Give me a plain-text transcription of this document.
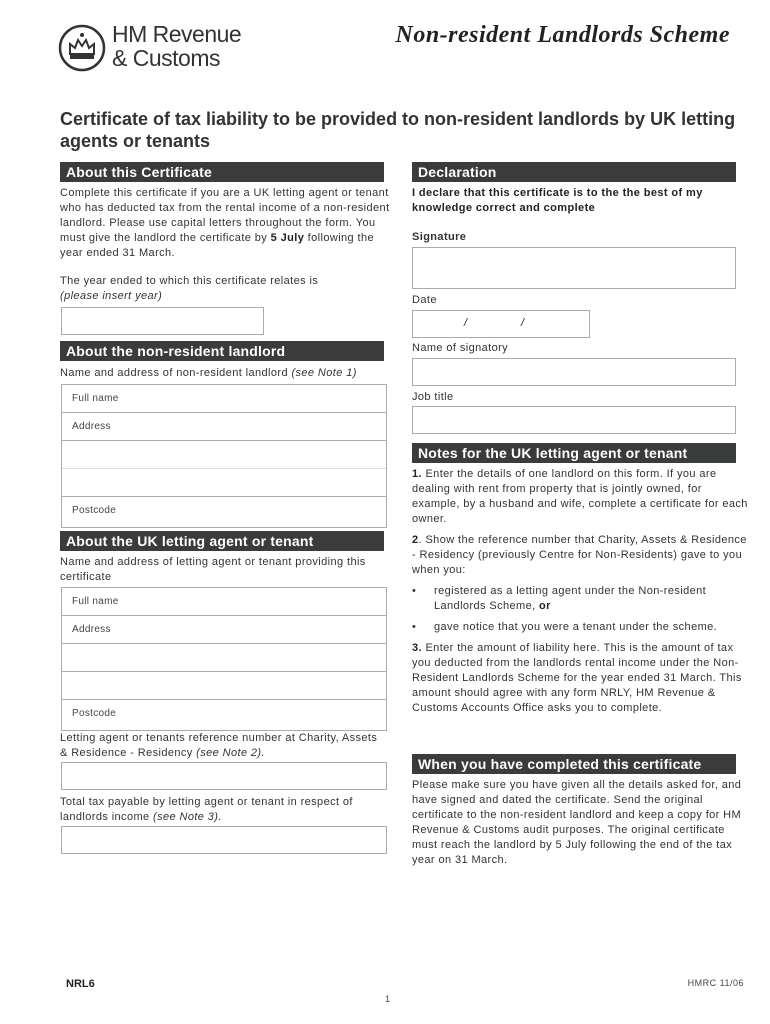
HM Revenue
& Customs
Non-resident Landlords Scheme
Certificate of tax liability to be provided to non-resident landlords by UK letting agents or tenants
About this Certificate
Complete this certificate if you are a UK letting agent or tenant who has deducted tax from the rental income of a non-resident landlord. Please use capital letters throughout the form. You must give the landlord the certificate by 5 July following the year ended 31 March.
The year ended to which this certificate relates is
(please insert year)
About the non-resident landlord
Name and address of non-resident landlord (see Note 1)
Full name
Address
Postcode
About the UK letting agent or tenant
Name and address of letting agent or tenant providing this certificate
Full name
Address
Postcode
Letting agent or tenants reference number at Charity, Assets & Residence - Residency (see Note 2).
Total tax payable by letting agent or tenant in respect of landlords income (see Note 3).
Declaration
I declare that this certificate is to the the best of my knowledge correct and complete
Signature
Date
/	/
Name of signatory
Job title
Notes for the UK letting agent or tenant

1. Enter the details of one landlord on this form. If you are dealing with rent from property that is jointly owned, for example, by a husband and wife, complete a certificate for each owner.

2. Show the reference number that Charity, Assets & Residence - Residency (previously Centre for Non-Residents) gave to you when you:

•	registered as a letting agent under the Non-resident Landlords Scheme, or
•	gave notice that you were a tenant under the scheme.

3. Enter the amount of liability here. This is the amount of tax you deducted from the landlords rental income under the Non-Resident Landlords Scheme for the year ended 31 March. This amount should agree with any form NRLY, HM Revenue & Customs Accounts Office asks you to complete.

When you have completed this certificate
Please make sure you have given all the details asked for, and have signed and dated the certificate. Send the original certificate to the non-resident landlord and keep a copy for HM Revenue & Customs audit purposes. The original certificate must reach the landlord by 5 July following the end of the tax year on 31 March.
NRL6	HMRC 11/06
1
